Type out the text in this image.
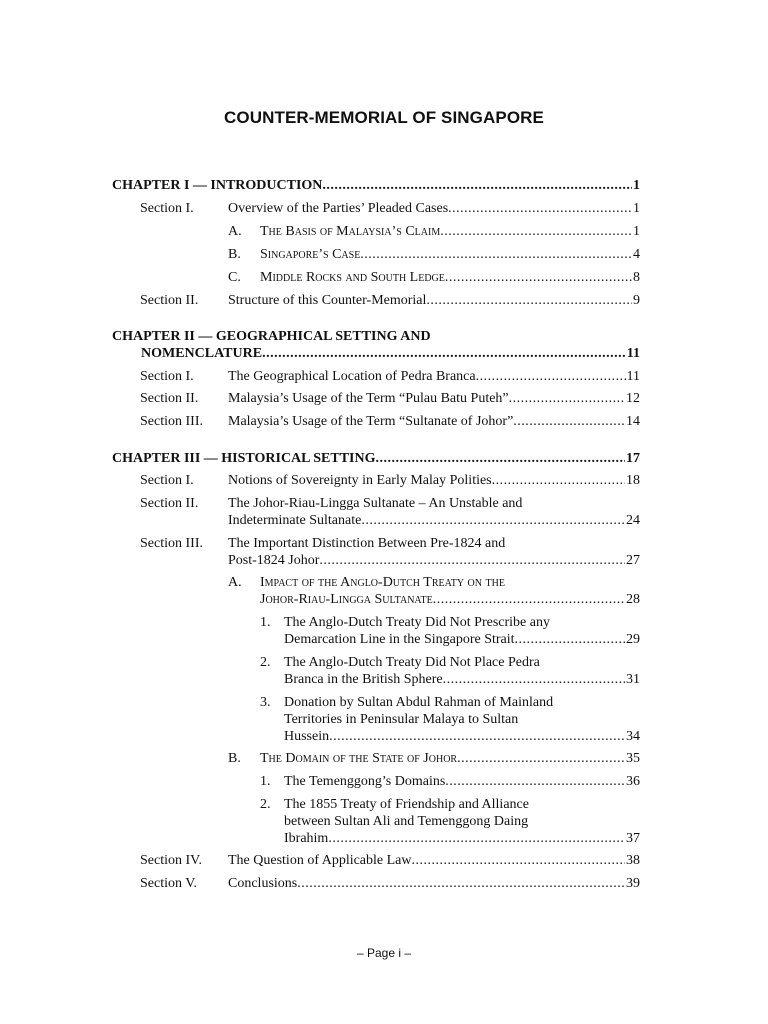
COUNTER-MEMORIAL OF SINGAPORE
CHAPTER I — INTRODUCTION .....	1
Section I. Overview of the Parties’ Pleaded Cases .....	1
A. The Basis of Malaysia’s Claim .....	1
B. Singapore’s Case .....	4
C. Middle Rocks and South Ledge .....	8
Section II. Structure of this Counter-Memorial .....	9
CHAPTER II — GEOGRAPHICAL SETTING AND
NOMENCLATURE .....	11
Section I. The Geographical Location of Pedra Branca .....	11
Section II. Malaysia’s Usage of the Term “Pulau Batu Puteh” .....	12
Section III. Malaysia’s Usage of the Term “Sultanate of Johor” .....	14
CHAPTER III — HISTORICAL SETTING .....	17
Section I. Notions of Sovereignty in Early Malay Polities .....	18
Section II. The Johor-Riau-Lingga Sultanate – An Unstable and
Indeterminate Sultanate .....	24
Section III. The Important Distinction Between Pre-1824 and
Post-1824 Johor .....	27
A. Impact of the Anglo-Dutch Treaty on the
Johor-Riau-Lingga Sultanate .....	28
1. The Anglo-Dutch Treaty Did Not Prescribe any
Demarcation Line in the Singapore Strait .....	29
2. The Anglo-Dutch Treaty Did Not Place Pedra
Branca in the British Sphere .....	31
3. Donation by Sultan Abdul Rahman of Mainland
Territories in Peninsular Malaya to Sultan
Hussein .....	34
B. The Domain of the State of Johor .....	35
1. The Temenggong’s Domains .....	36
2. The 1855 Treaty of Friendship and Alliance
between Sultan Ali and Temenggong Daing
Ibrahim .....	37
Section IV. The Question of Applicable Law .....	38
Section V. Conclusions .....	39
– Page i –
